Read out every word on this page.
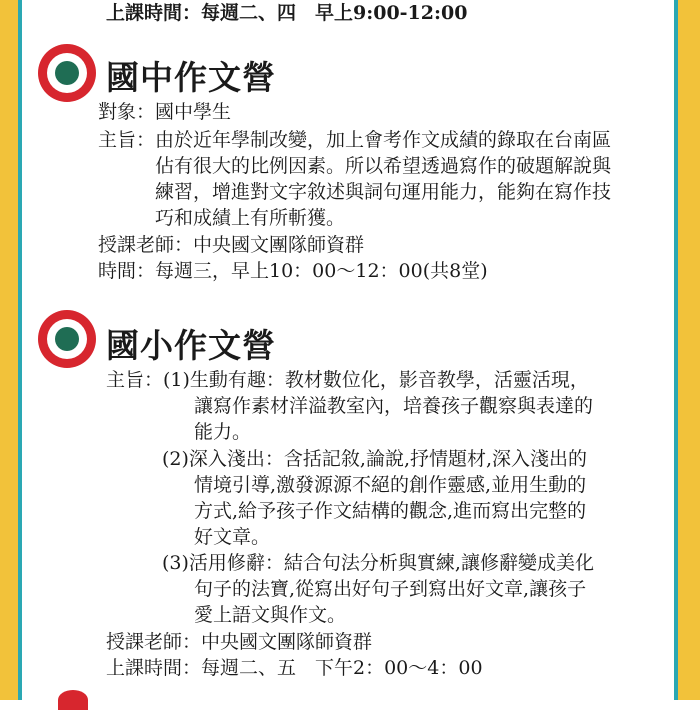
上課時間：每週二、四　早上9:00-12:00
國中作文營
對象：國中學生
主旨：由於近年學制改變，加上會考作文成績的錄取在台南區
佔有很大的比例因素。所以希望透過寫作的破題解說與
練習，增進對文字敘述與詞句運用能力，能夠在寫作技
巧和成績上有所斬獲。
授課老師：中央國文團隊師資群
時間：每週三，早上10：00～12：00(共8堂)
國小作文營
主旨：(1)生動有趣：教材數位化，影音教學，活靈活現，
讓寫作素材洋溢教室內，培養孩子觀察與表達的
能力。
(2)深入淺出：含括記敘,論說,抒情題材,深入淺出的
情境引導,激發源源不絕的創作靈感,並用生動的
方式,給予孩子作文結構的觀念,進而寫出完整的
好文章。
(3)活用修辭：結合句法分析與實練,讓修辭變成美化
句子的法寶,從寫出好句子到寫出好文章,讓孩子
愛上語文與作文。
授課老師：中央國文團隊師資群
上課時間：每週二、五　下午2：00～4：00
